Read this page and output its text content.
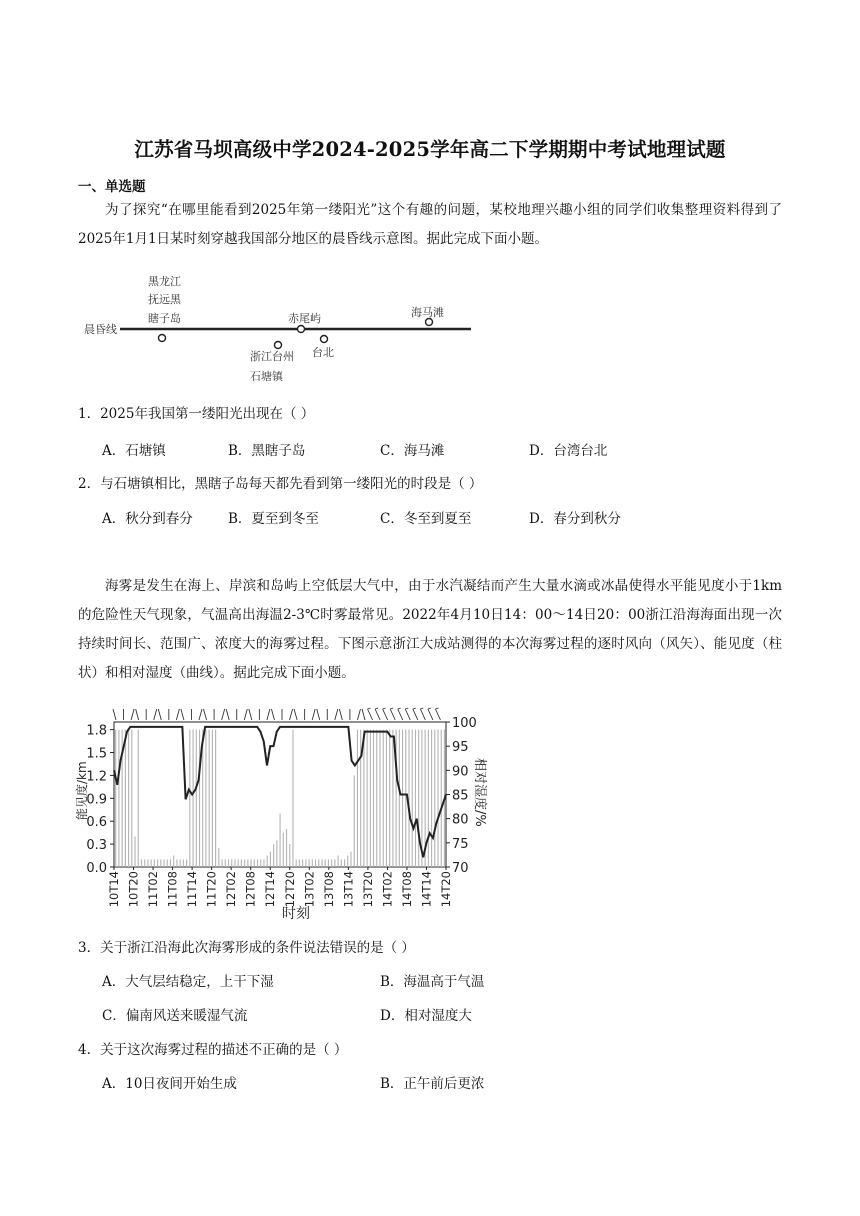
江苏省马坝高级中学2024-2025学年高二下学期期中考试地理试题
一、单选题
为了探究“在哪里能看到2025年第一缕阳光”这个有趣的问题，某校地理兴趣小组的同学们收集整理资料得到了2025年1月1日某时刻穿越我国部分地区的晨昏线示意图。据此完成下面小题。
晨昏线
黑龙江
抚远黑
瞎子岛	赤尾屿	海马滩
浙江台州
石塘镇
台北
1．2025年我国第一缕阳光出现在（ ）
A．石塘镇	B．黑瞎子岛	C．海马滩	D．台湾台北
2．与石塘镇相比，黑瞎子岛每天都先看到第一缕阳光的时段是（ ）
A．秋分到春分	B．夏至到冬至	C．冬至到夏至	D．春分到秋分
海雾是发生在海上、岸滨和岛屿上空低层大气中，由于水汽凝结而产生大量水滴或冰晶使得水平能见度小于1km的危险性天气现象，气温高出海温2-3℃时雾最常见。2022年4月10日14：00～14日20：00浙江沿海海面出现一次持续时间长、范围广、浓度大的海雾过程。下图示意浙江大成站测得的本次海雾过程的逐时风向（风矢）、能见度（柱状）和相对湿度（曲线）。据此完成下面小题。
0.0
0.3
0.6
0.9
1.2
1.5
1.8
70
75
80
85
90
95
100
10T14 10T20 11T02 11T08 11T14 11T20 12T02 12T08 12T14 12T20 13T02 13T08 13T14 13T20 14T02 14T08 14T14 14T20
能见度/km	相对湿度/%
时刻
3．关于浙江沿海此次海雾形成的条件说法错误的是（ ）
A．大气层结稳定，上干下湿	B．海温高于气温
C．偏南风送来暖湿气流	D．相对湿度大
4．关于这次海雾过程的描述不正确的是（ ）
A．10日夜间开始生成	B．正午前后更浓
